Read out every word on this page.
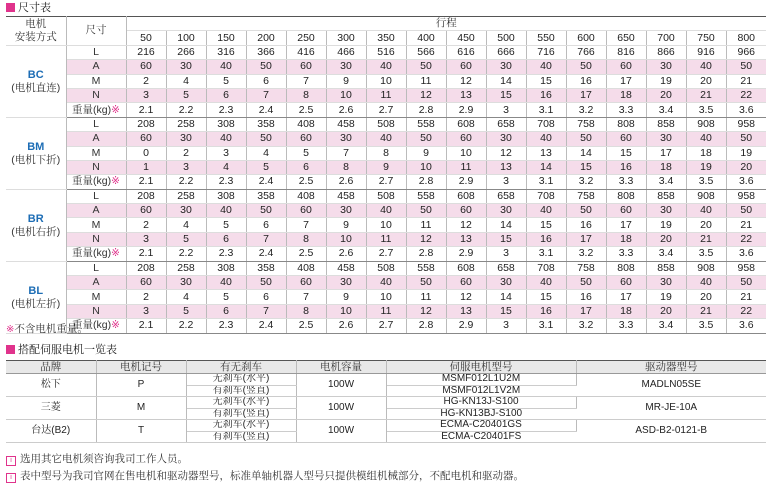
尺寸表
电机
安装方式	尺寸	行程															
		50	100	150	200	250	300	350	400	450	500	550	600	650	700	750	800

BC
(电机直连)	L	216	266	316	366	416	466	516	566	616	666	716	766	816	866	916	966
	A	60	30	40	50	60	30	40	50	60	30	40	50	60	30	40	50
	M	2	4	5	6	7	9	10	11	12	14	15	16	17	19	20	21
	N	3	5	6	7	8	10	11	12	13	15	16	17	18	20	21	22
	重量(kg)※	2.1	2.2	2.3	2.4	2.5	2.6	2.7	2.8	2.9	3	3.1	3.2	3.3	3.4	3.5	3.6

BM
(电机下折)	L	208	258	308	358	408	458	508	558	608	658	708	758	808	858	908	958
	A	60	30	40	50	60	30	40	50	60	30	40	50	60	30	40	50
	M	0	2	3	4	5	7	8	9	10	12	13	14	15	17	18	19
	N	1	3	4	5	6	8	9	10	11	13	14	15	16	18	19	20
	重量(kg)※	2.1	2.2	2.3	2.4	2.5	2.6	2.7	2.8	2.9	3	3.1	3.2	3.3	3.4	3.5	3.6

BR
(电机右折)	L	208	258	308	358	408	458	508	558	608	658	708	758	808	858	908	958
	A	60	30	40	50	60	30	40	50	60	30	40	50	60	30	40	50
	M	2	4	5	6	7	9	10	11	12	14	15	16	17	19	20	21
	N	3	5	6	7	8	10	11	12	13	15	16	17	18	20	21	22
	重量(kg)※	2.1	2.2	2.3	2.4	2.5	2.6	2.7	2.8	2.9	3	3.1	3.2	3.3	3.4	3.5	3.6

BL
(电机左折)	L	208	258	308	358	408	458	508	558	608	658	708	758	808	858	908	958
	A	60	30	40	50	60	30	40	50	60	30	40	50	60	30	40	50
	M	2	4	5	6	7	9	10	11	12	14	15	16	17	19	20	21
	N	3	5	6	7	8	10	11	12	13	15	16	17	18	20	21	22
	重量(kg)※	2.1	2.2	2.3	2.4	2.5	2.6	2.7	2.8	2.9	3	3.1	3.2	3.3	3.4	3.5	3.6
※不含电机重量。
搭配伺服电机一览表
品牌	电机记号	有无刹车	电机容量	伺服电机型号	驱动器型号
松下	P	无刹车(水平)	100W	MSMF012L1U2M	MADLN05SE
		有刹车(竖直)		MSMF012L1V2M	
三菱	M	无刹车(水平)	100W	HG-KN13J-S100	MR-JE-10A
		有刹车(竖直)		HG-KN13BJ-S100	
台达(B2)	T	无刹车(水平)	100W	ECMA-C20401GS	ASD-B2-0121-B
		有刹车(竖直)		ECMA-C20401FS	
i 选用其它电机须咨询我司工作人员。
i 表中型号为我司官网在售电机和驱动器型号，标准单轴机器人型号只提供模组机械部分，不配电机和驱动器。
